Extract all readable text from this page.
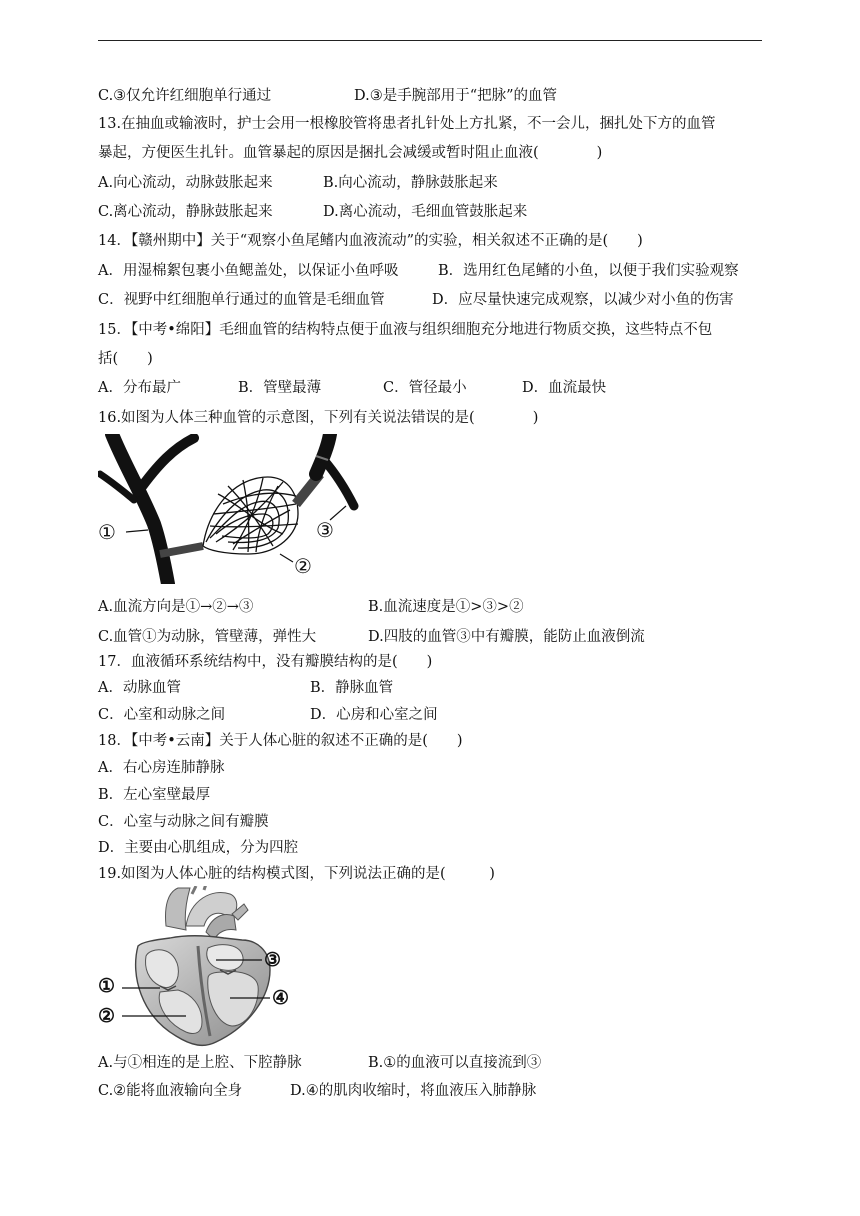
C.③仅允许红细胞单行通过	D.③是手腕部用于“把脉”的血管
13.在抽血或输液时，护士会用一根橡胶管将患者扎针处上方扎紧，不一会儿，捆扎处下方的血管
暴起，方便医生扎针。血管暴起的原因是捆扎会减缓或暂时阻止血液(　　　　)
A.向心流动，动脉鼓胀起来	B.向心流动，静脉鼓胀起来
C.离心流动，静脉鼓胀起来	D.离心流动，毛细血管鼓胀起来
14．【赣州期中】关于“观察小鱼尾鳍内血液流动”的实验，相关叙述不正确的是(　　)
A．用湿棉絮包裹小鱼鳃盖处，以保证小鱼呼吸	B．选用红色尾鳍的小鱼，以便于我们实验观察
C．视野中红细胞单行通过的血管是毛细血管	D．应尽量快速完成观察，以减少对小鱼的伤害
15．【中考•绵阳】毛细血管的结构特点便于血液与组织细胞充分地进行物质交换，这些特点不包
括(　　)
A．分布最广	B．管壁最薄	C．管径最小	D．血流最快
16.如图为人体三种血管的示意图，下列有关说法错误的是(　　　　)
①
②
③
A.血流方向是①→②→③	B.血流速度是①>③>②
C.血管①为动脉，管壁薄，弹性大	D.四肢的血管③中有瓣膜，能防止血液倒流
17．血液循环系统结构中，没有瓣膜结构的是(　　)
A．动脉血管	B．静脉血管
C．心室和动脉之间	D．心房和心室之间
18．【中考•云南】关于人体心脏的叙述不正确的是(　　)
A．右心房连肺静脉
B．左心室壁最厚
C．心室与动脉之间有瓣膜
D．主要由心肌组成，分为四腔
19.如图为人体心脏的结构模式图，下列说法正确的是(　　　)
①
②
③
④
A.与①相连的是上腔、下腔静脉	B.①的血液可以直接流到③
C.②能将血液输向全身	D.④的肌肉收缩时，将血液压入肺静脉
